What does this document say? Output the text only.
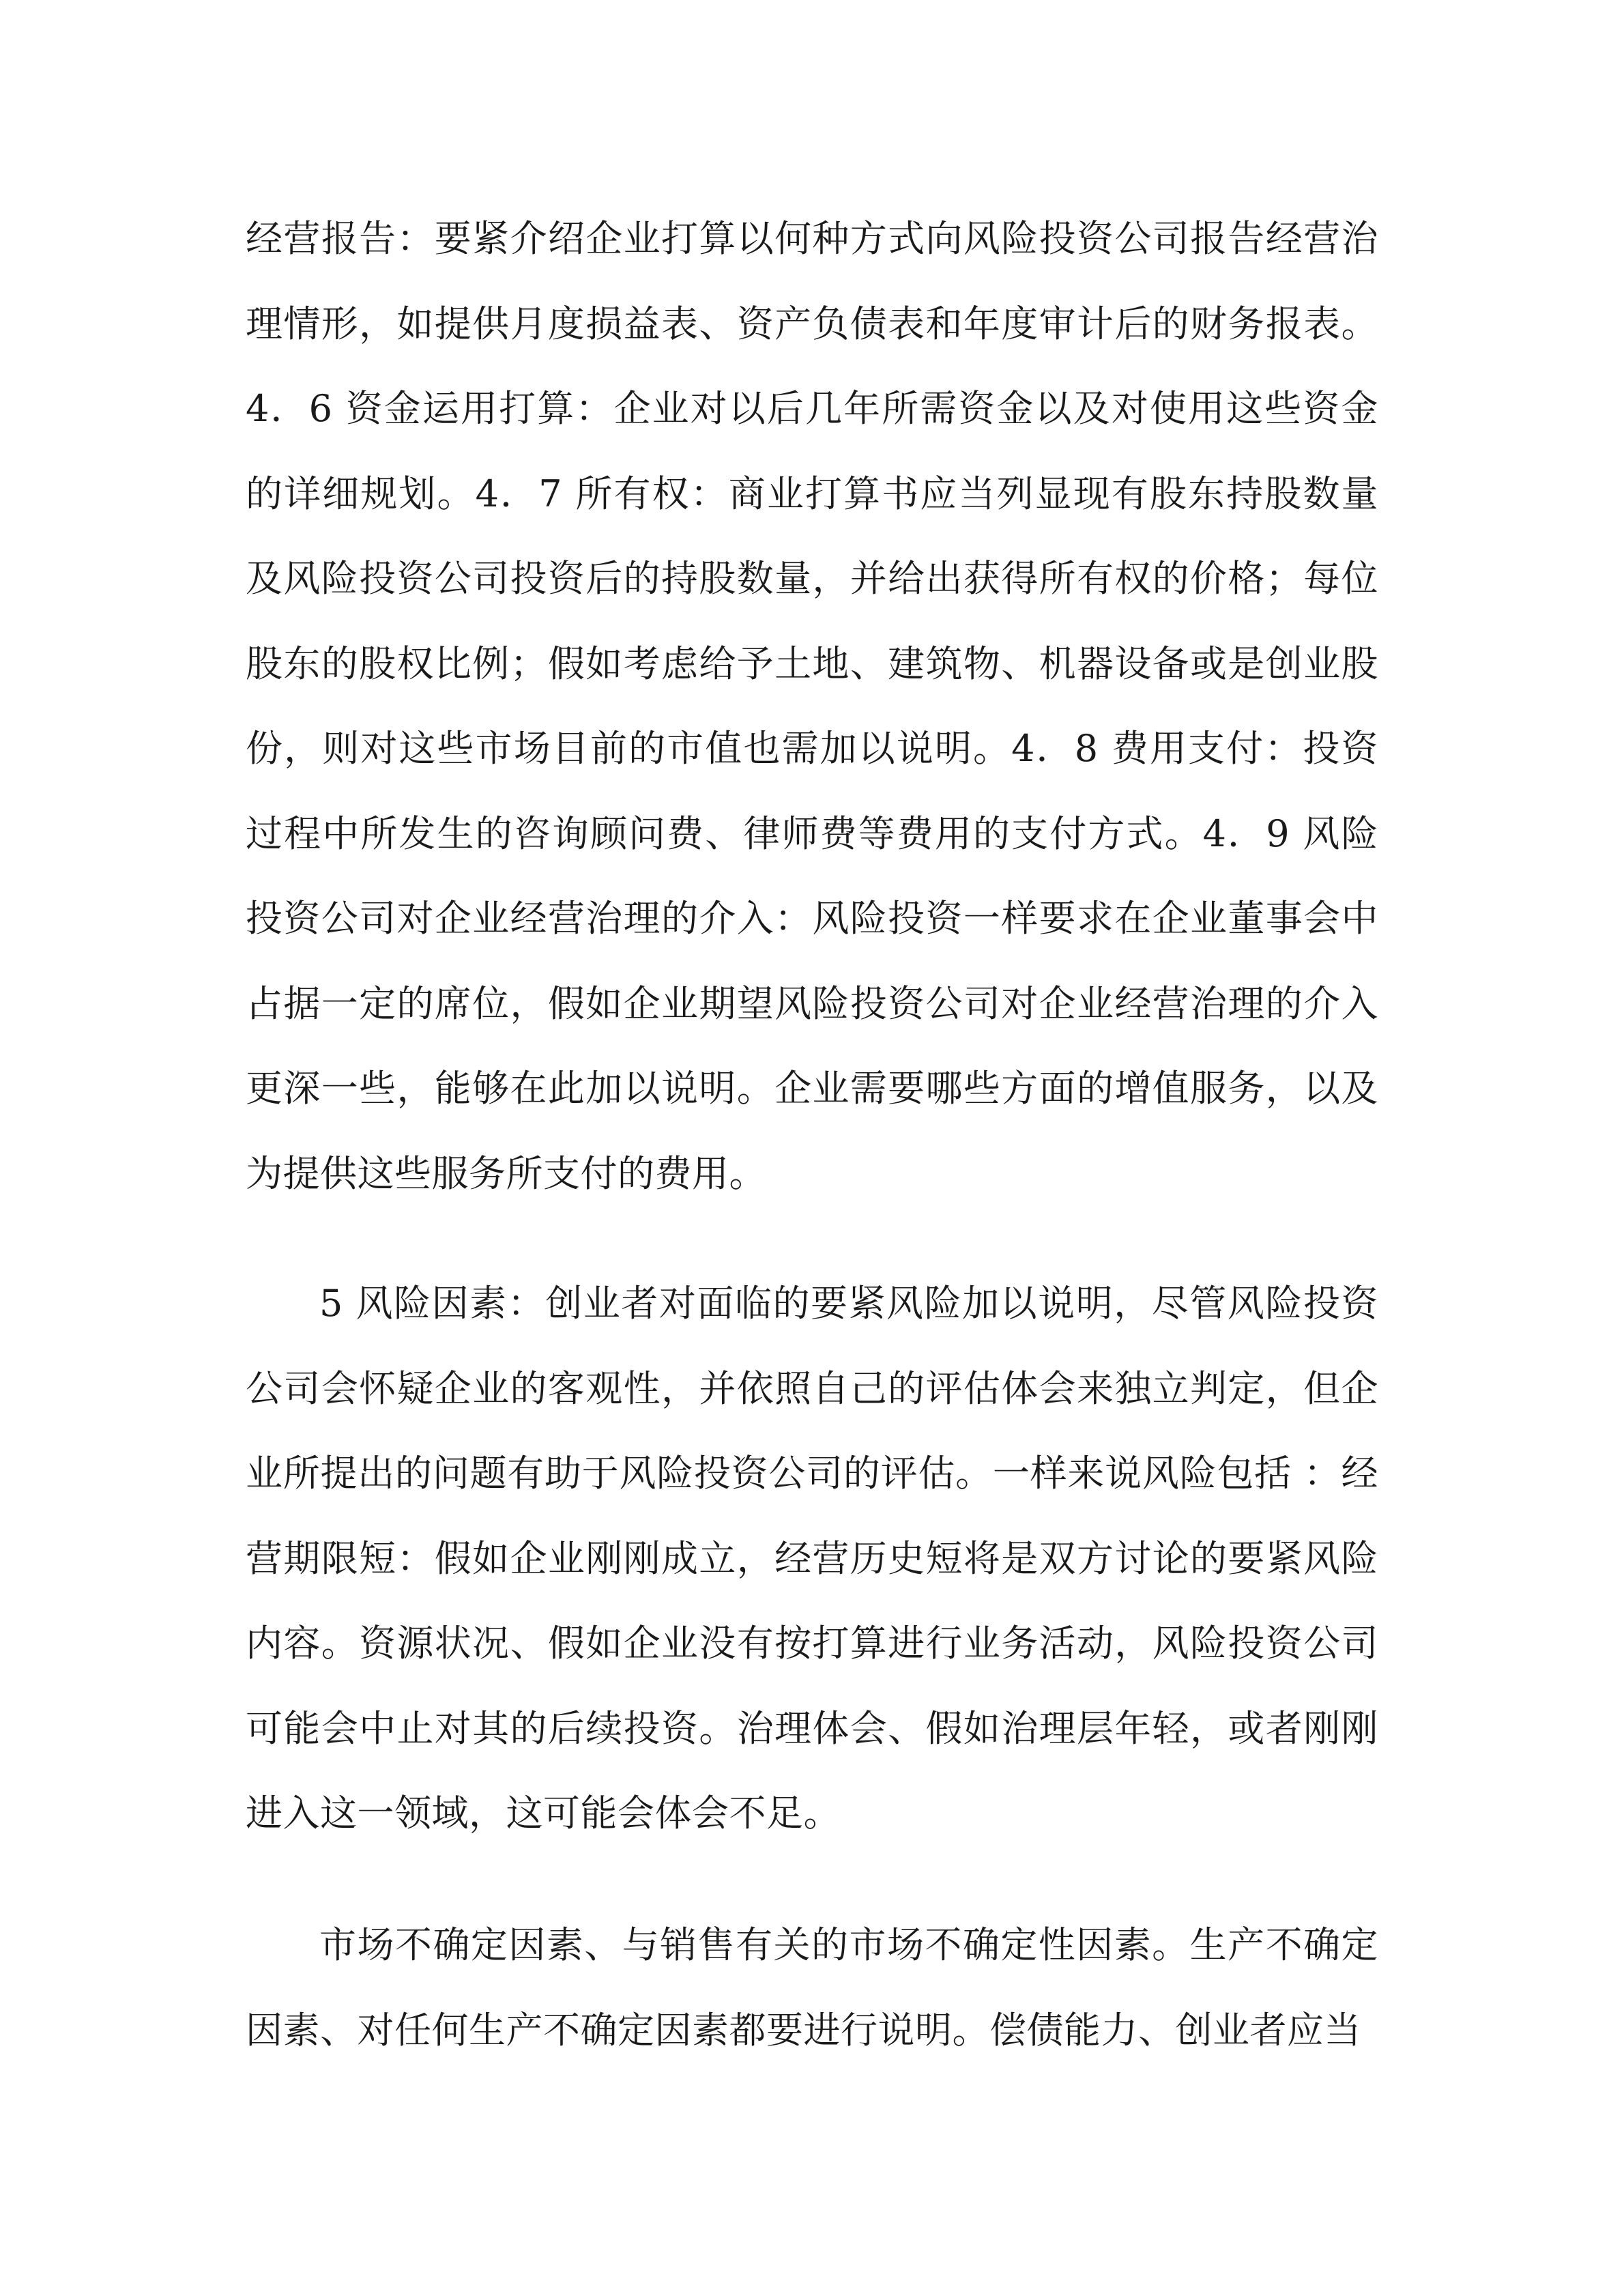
经营报告：要紧介绍企业打算以何种方式向风险投资公司报告经营治理情形，如提供月度损益表、资产负债表和年度审计后的财务报表。4．6 资金运用打算：企业对以后几年所需资金以及对使用这些资金的详细规划。4．7 所有权：商业打算书应当列显现有股东持股数量及风险投资公司投资后的持股数量，并给出获得所有权的价格；每位股东的股权比例；假如考虑给予土地、建筑物、机器设备或是创业股份，则对这些市场目前的市值也需加以说明。4．8 费用支付：投资过程中所发生的咨询顾问费、律师费等费用的支付方式。4．9 风险投资公司对企业经营治理的介入：风险投资一样要求在企业董事会中占据一定的席位，假如企业期望风险投资公司对企业经营治理的介入更深一些，能够在此加以说明。企业需要哪些方面的增值服务，以及为提供这些服务所支付的费用。

5 风险因素：创业者对面临的要紧风险加以说明，尽管风险投资公司会怀疑企业的客观性，并依照自己的评估体会来独立判定，但企业所提出的问题有助于风险投资公司的评估。一样来说风险包括 ：经营期限短：假如企业刚刚成立，经营历史短将是双方讨论的要紧风险内容。资源状况、假如企业没有按打算进行业务活动，风险投资公司可能会中止对其的后续投资。治理体会、假如治理层年轻，或者刚刚进入这一领域，这可能会体会不足。

市场不确定因素、与销售有关的市场不确定性因素。生产不确定因素、对任何生产不确定因素都要进行说明。偿债能力、创业者应当
